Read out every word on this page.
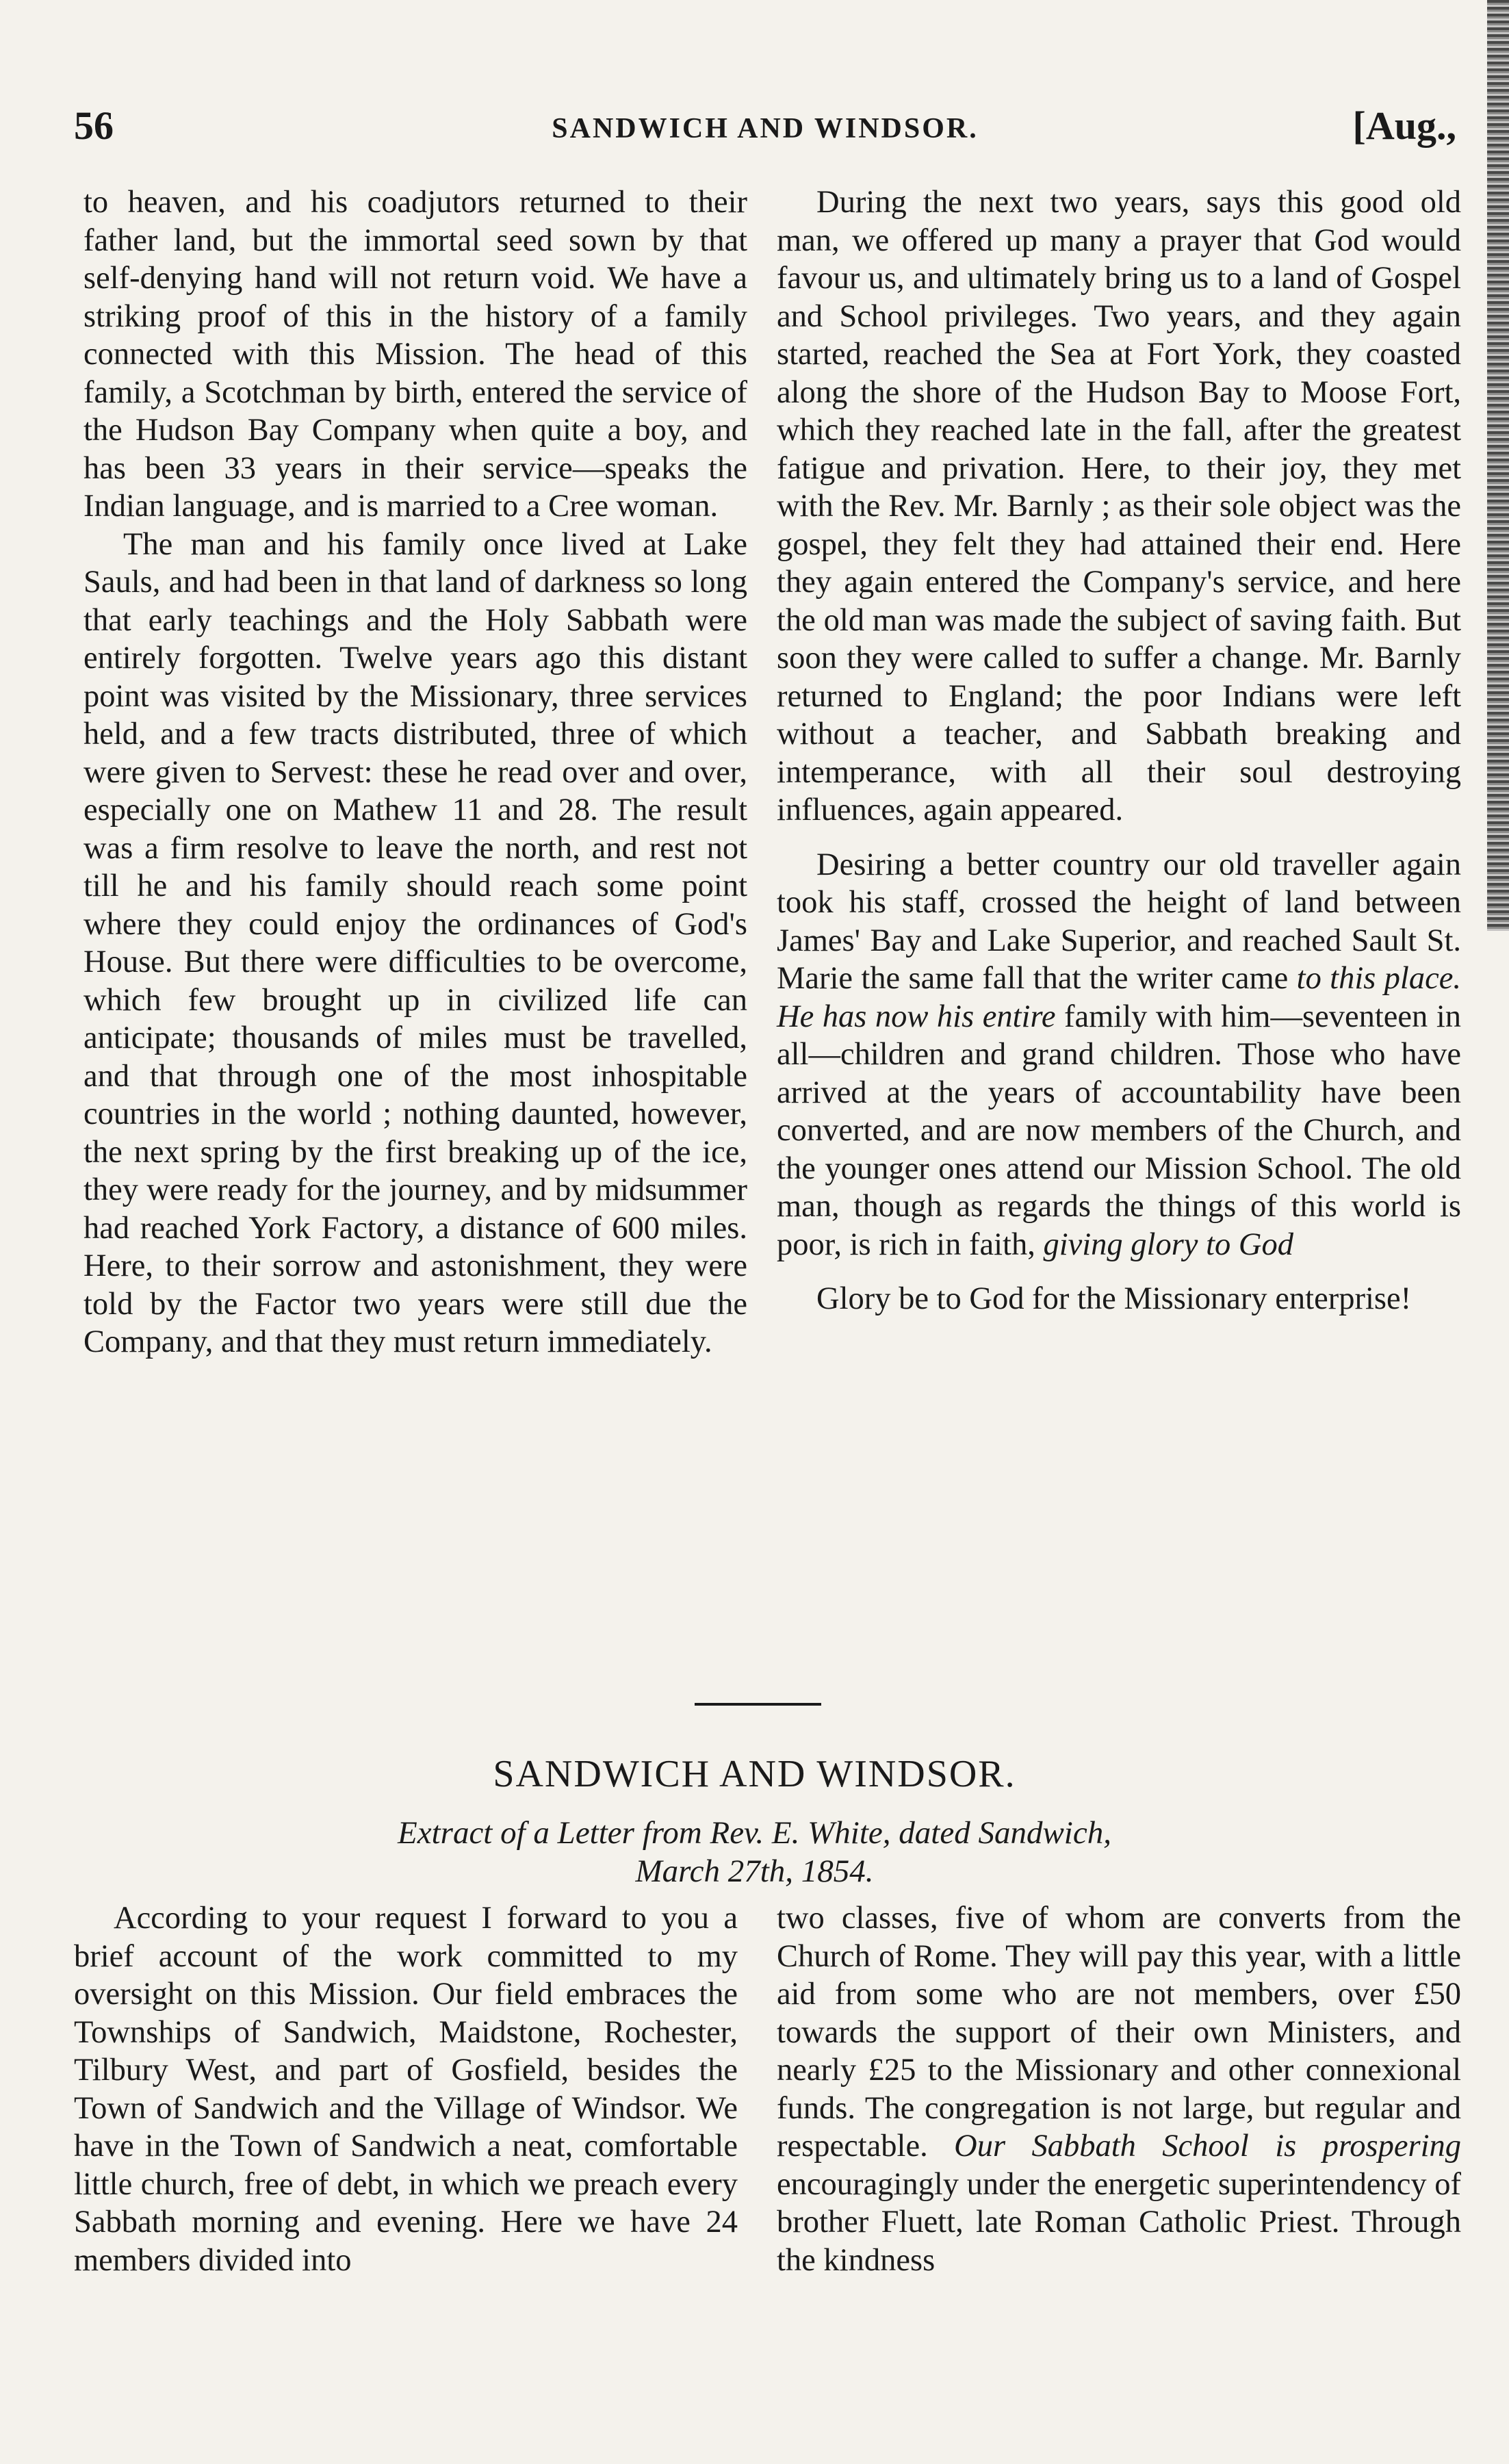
56	SANDWICH AND WINDSOR.	[Aug.,

to heaven, and his coadjutors returned to their father land, but the immortal seed sown by that self-denying hand will not return void. We have a striking proof of this in the history of a family connected with this Mission. The head of this family, a Scotchman by birth, entered the service of the Hudson Bay Company when quite a boy, and has been 33 years in their service—speaks the Indian language, and is married to a Cree woman.

The man and his family once lived at Lake Sauls, and had been in that land of darkness so long that early teachings and the Holy Sabbath were entirely forgotten. Twelve years ago this distant point was visited by the Missionary, three services held, and a few tracts distributed, three of which were given to Servest: these he read over and over, especially one on Mathew 11 and 28. The result was a firm resolve to leave the north, and rest not till he and his family should reach some point where they could enjoy the ordinances of God's House. But there were difficulties to be overcome, which few brought up in civilized life can anticipate; thousands of miles must be travelled, and that through one of the most inhospitable countries in the world ; nothing daunted, however, the next spring by the first breaking up of the ice, they were ready for the journey, and by midsummer had reached York Factory, a distance of 600 miles. Here, to their sorrow and astonishment, they were told by the Factor two years were still due the Company, and that they must return immediately.

During the next two years, says this good old man, we offered up many a prayer that God would favour us, and ultimately bring us to a land of Gospel and School privileges. Two years, and they again started, reached the Sea at Fort York, they coasted along the shore of the Hudson Bay to Moose Fort, which they reached late in the fall, after the greatest fatigue and privation. Here, to their joy, they met with the Rev. Mr. Barnly ; as their sole object was the gospel, they felt they had attained their end. Here they again entered the Company's service, and here the old man was made the subject of saving faith. But soon they were called to suffer a change. Mr. Barnly returned to England; the poor Indians were left without a teacher, and Sabbath breaking and intemperance, with all their soul destroying influences, again appeared.

Desiring a better country our old traveller again took his staff, crossed the height of land between James' Bay and Lake Superior, and reached Sault St. Marie the same fall that the writer came to this place. He has now his entire family with him—seventeen in all—children and grand children. Those who have arrived at the years of accountability have been converted, and are now members of the Church, and the younger ones attend our Mission School. The old man, though as regards the things of this world is poor, is rich in faith, giving glory to God

Glory be to God for the Missionary enterprise!

SANDWICH AND WINDSOR.
Extract of a Letter from Rev. E. White, dated Sandwich,
March 27th, 1854.

According to your request I forward to you a brief account of the work committed to my oversight on this Mission. Our field embraces the Townships of Sandwich, Maidstone, Rochester, Tilbury West, and part of Gosfield, besides the Town of Sandwich and the Village of Windsor. We have in the Town of Sandwich a neat, comfortable little church, free of debt, in which we preach every Sabbath morning and evening. Here we have 24 members divided into

two classes, five of whom are converts from the Church of Rome. They will pay this year, with a little aid from some who are not members, over £50 towards the support of their own Ministers, and nearly £25 to the Missionary and other connexional funds. The congregation is not large, but regular and respectable. Our Sabbath School is prospering encouragingly under the energetic superintendency of brother Fluett, late Roman Catholic Priest. Through the kindness
